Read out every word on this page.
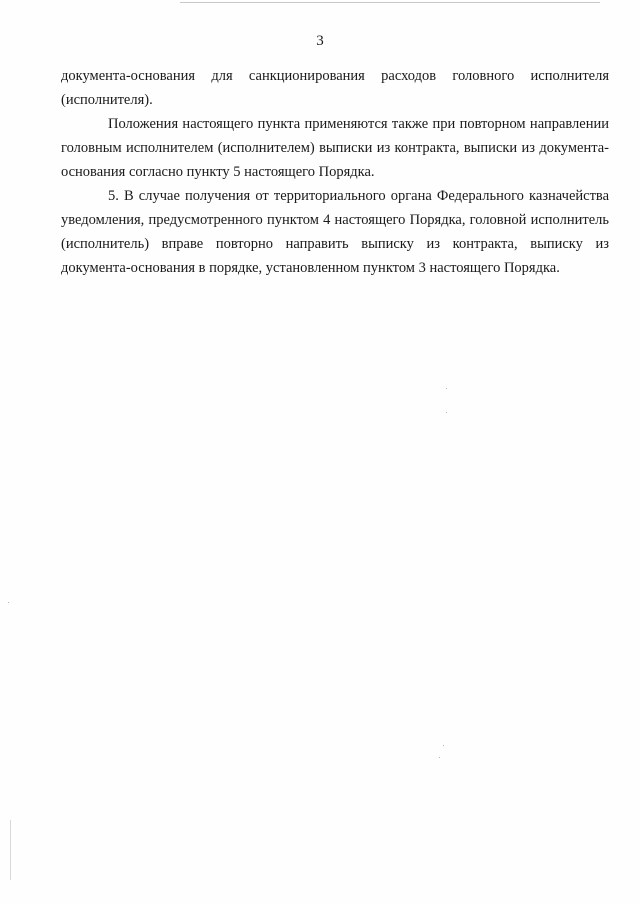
3

документа-основания для санкционирования расходов головного исполнителя (исполнителя).

Положения настоящего пункта применяются также при повторном направлении головным исполнителем (исполнителем) выписки из контракта, выписки из документа-основания согласно пункту 5 настоящего Порядка.

5. В случае получения от территориального органа Федерального казначейства уведомления, предусмотренного пунктом 4 настоящего Порядка, головной исполнитель (исполнитель) вправе повторно направить выписку из контракта, выписку из документа-основания в порядке, установленном пунктом 3 настоящего Порядка.
